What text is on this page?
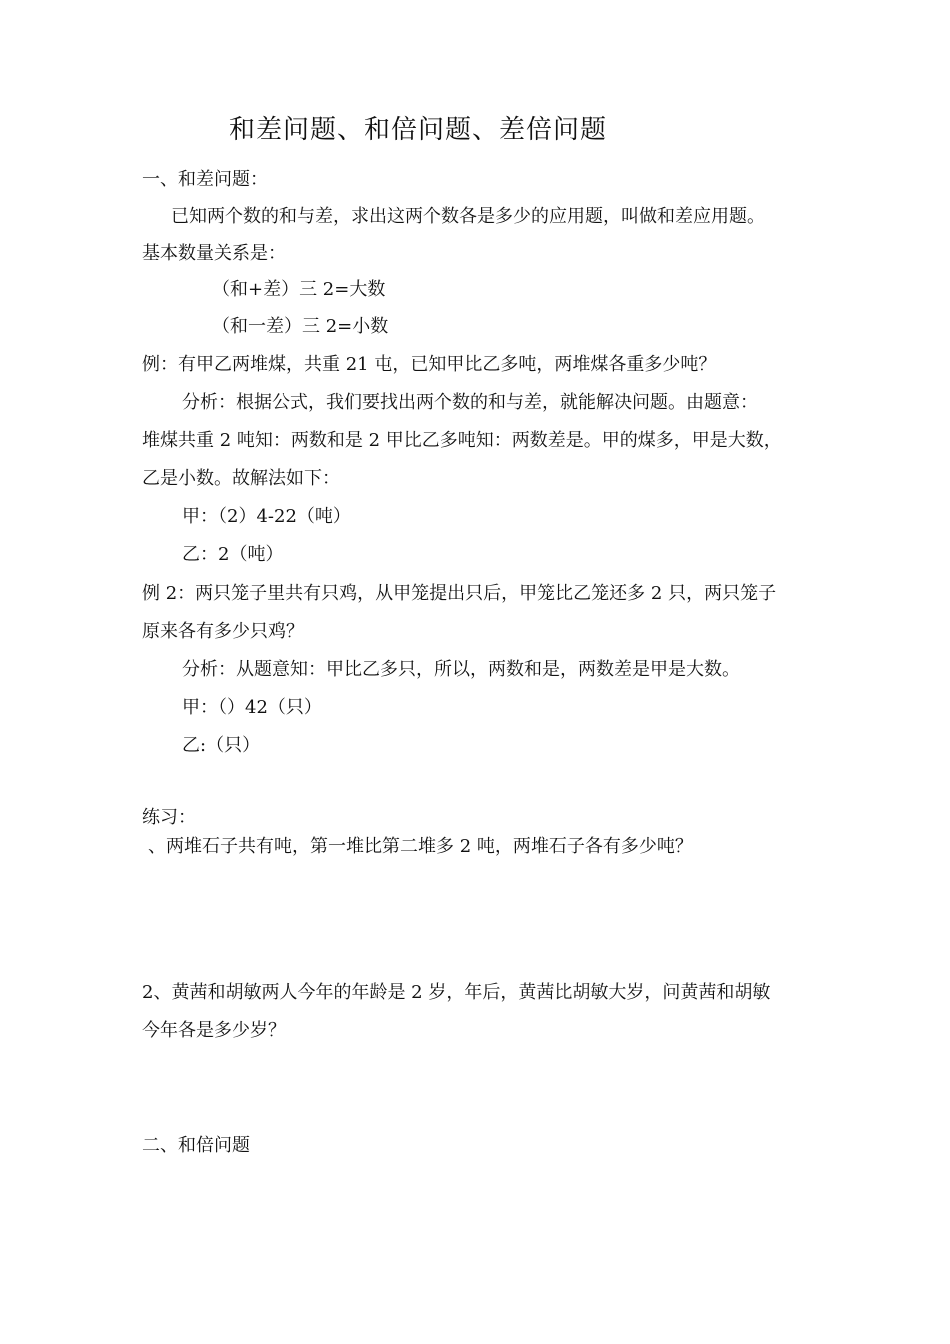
和差问题、和倍问题、差倍问题
一、和差问题：
已知两个数的和与差，求出这两个数各是多少的应用题，叫做和差应用题。
基本数量关系是：
（和+差）三 2=大数
（和一差）三 2=小数
例：有甲乙两堆煤，共重 21 屯，已知甲比乙多吨，两堆煤各重多少吨？
分析：根据公式，我们要找出两个数的和与差，就能解决问题。由题意：
堆煤共重 2 吨知：两数和是 2 甲比乙多吨知：两数差是。甲的煤多，甲是大数，
乙是小数。故解法如下：
甲：（2）4-22（吨）
乙：2（吨）
例 2：两只笼子里共有只鸡，从甲笼提出只后，甲笼比乙笼还多 2 只，两只笼子
原来各有多少只鸡？
分析：从题意知：甲比乙多只，所以，两数和是，两数差是甲是大数。
甲：（）42（只）
乙:（只）
练习：
、两堆石子共有吨，第一堆比第二堆多 2 吨，两堆石子各有多少吨？
2、黄茜和胡敏两人今年的年龄是 2 岁，年后，黄茜比胡敏大岁，问黄茜和胡敏
今年各是多少岁？
二、和倍问题
